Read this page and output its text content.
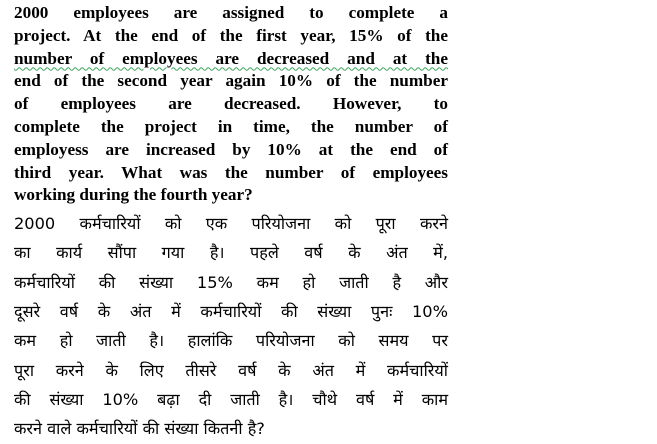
2000 employees are assigned to complete a
project. At the end of the first year, 15% of the
number of employees are decreased and at the
end of the second year again 10% of the number
of employees are decreased. However, to
complete the project in time, the number of
employess are increased by 10% at the end of
third year. What was the number of employees
working during the fourth year?
2000 कर्मचारियों को एक परियोजना को पूरा करने
का कार्य सौंपा गया है। पहले वर्ष के अंत में,
कर्मचारियों की संख्या 15% कम हो जाती है और
दूसरे वर्ष के अंत में कर्मचारियों की संख्या पुनः 10%
कम हो जाती है। हालांकि परियोजना को समय पर
पूरा करने के लिए तीसरे वर्ष के अंत में कर्मचारियों
की संख्या 10% बढ़ा दी जाती है। चौथे वर्ष में काम
करने वाले कर्मचारियों की संख्या कितनी है?
